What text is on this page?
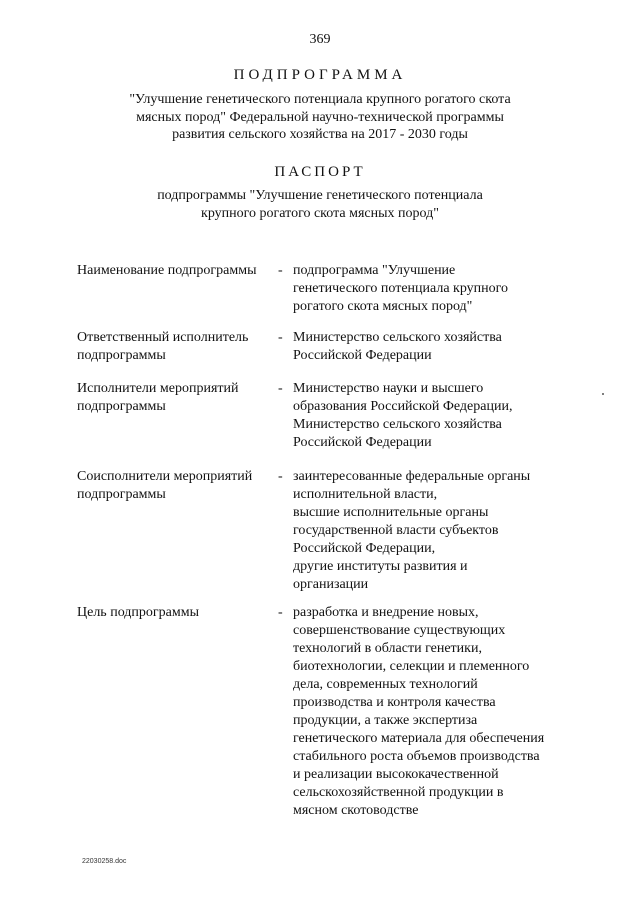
369
ПОДПРОГРАММА
"Улучшение генетического потенциала крупного рогатого скота
мясных пород" Федеральной научно-технической программы
развития сельского хозяйства на 2017 - 2030 годы
ПАСПОРТ
подпрограммы "Улучшение генетического потенциала
крупного рогатого скота мясных пород"
Наименование подпрограммы	- подпрограмма "Улучшение
генетического потенциала крупного
рогатого скота мясных пород"
Ответственный исполнитель
подпрограммы
- Министерство сельского хозяйства
Российской Федерации
Исполнители мероприятий
подпрограммы
- Министерство науки и высшего
образования Российской Федерации,
Министерство сельского хозяйства
Российской Федерации
Соисполнители мероприятий
подпрограммы
- заинтересованные федеральные органы
исполнительной власти,
высшие исполнительные органы
государственной власти субъектов
Российской Федерации,
другие институты развития и
организации
Цель подпрограммы	- разработка и внедрение новых,
совершенствование существующих
технологий в области генетики,
биотехнологии, селекции и племенного
дела, современных технологий
производства и контроля качества
продукции, а также экспертиза
генетического материала для обеспечения
стабильного роста объемов производства
и реализации высококачественной
сельскохозяйственной продукции в
мясном скотоводстве
22030258.doc
